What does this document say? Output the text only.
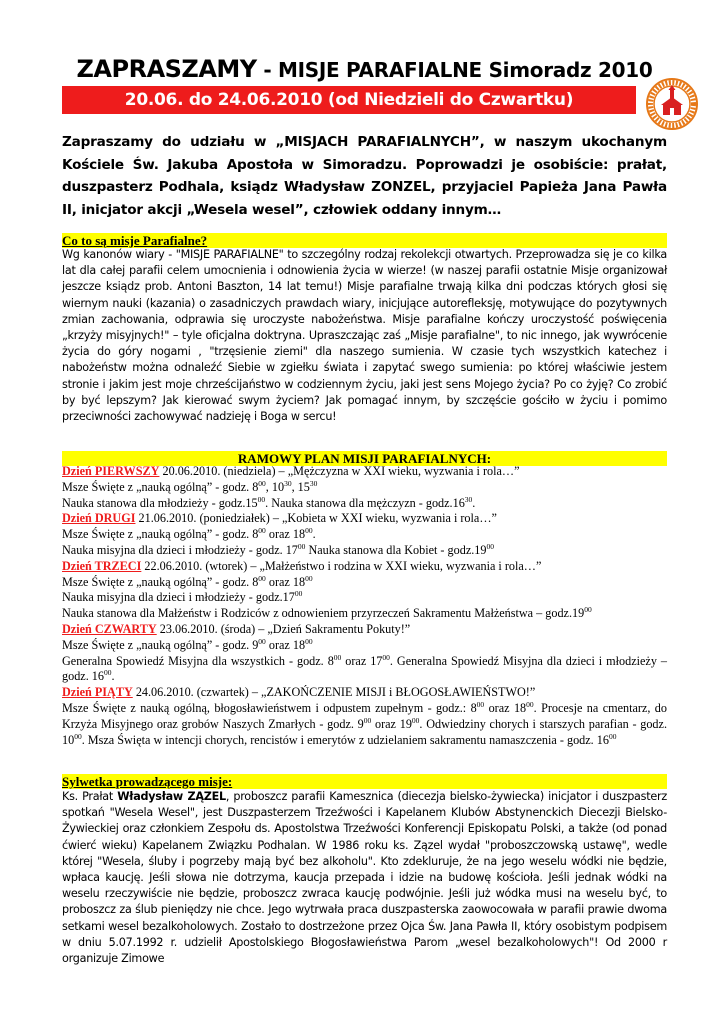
ZAPRASZAMY - MISJE PARAFIALNE Simoradz 2010
20.06. do 24.06.2010 (od Niedzieli do Czwartku)
Zapraszamy do udziału w „MISJACH PARAFIALNYCH”, w naszym ukochanym Kościele Św. Jakuba Apostoła w Simoradzu. Poprowadzi je osobiście: prałat, duszpasterz Podhala, ksiądz Władysław ZONZEL, przyjaciel Papieża Jana Pawła II, inicjator akcji „Wesela wesel”, człowiek oddany innym…
Co to są misje Parafialne?
Wg kanonów wiary - "MISJE PARAFIALNE" to szczególny rodzaj rekolekcji otwartych. Przeprowadza się je co kilka lat dla całej parafii celem umocnienia i odnowienia życia w wierze! (w naszej parafii ostatnie Misje organizował jeszcze ksiądz prob. Antoni Baszton, 14 lat temu!) Misje parafialne trwają kilka dni podczas których głosi się wiernym nauki (kazania) o zasadniczych prawdach wiary, inicjujące autorefleksję, motywujące do pozytywnych zmian zachowania, odprawia się uroczyste nabożeństwa. Misje parafialne kończy uroczystość poświęcenia „krzyży misyjnych!" – tyle oficjalna doktryna. Upraszczając zaś „Misje parafialne", to nic innego, jak wywrócenie życia do góry nogami , "trzęsienie ziemi" dla naszego sumienia. W czasie tych wszystkich katechez i nabożeństw można odnaleźć Siebie w zgiełku świata i zapytać swego sumienia: po której właściwie jestem stronie i jakim jest moje chrześcijaństwo w codziennym życiu, jaki jest sens Mojego życia? Po co żyję? Co zrobić by być lepszym? Jak kierować swym życiem? Jak pomagać innym, by szczęście gościło w życiu i pomimo przeciwności zachowywać nadzieję i Boga w sercu!
RAMOWY PLAN MISJI PARAFIALNYCH:
Dzień PIERWSZY 20.06.2010. (niedziela) – „Mężczyzna w XXI wieku, wyzwania i rola…”
Msze Święte z „nauką ogólną” - godz. $8^{00}$, $10^{30}$, $15^{30}$
Nauka stanowa dla młodzieży - $godz.15^{00}$. Nauka stanowa dla mężczyzn - $godz.16^{30}$.
Dzień DRUGI 21.06.2010. (poniedziałek) – „Kobieta w XXI wieku, wyzwania i rola…”
Msze Święte z „nauką ogólną” - godz. $8^{00}$ oraz $18^{00}$.
Nauka misyjna dla dzieci i młodzieży - godz. $17^{00}$ Nauka stanowa dla Kobiet - $godz.19^{00}$
Dzień TRZECI 22.06.2010. (wtorek) – „Małżeństwo i rodzina w XXI wieku, wyzwania i rola…”
Msze Święte z „nauką ogólną” - godz. $8^{00}$ oraz $18^{00}$
Nauka misyjna dla dzieci i młodzieży - $godz.17^{00}$
Nauka stanowa dla Małżeństw i Rodziców z odnowieniem przyrzeczeń Sakramentu Małżeństwa – $godz.19^{00}$
Dzień CZWARTY 23.06.2010. (środa) – „Dzień Sakramentu Pokuty!”
Msze Święte z „nauką ogólną” - godz. $9^{00}$ oraz $18^{00}$
Generalna Spowiedź Misyjna dla wszystkich - godz. $8^{00}$ oraz $17^{00}$. Generalna Spowiedź Misyjna dla dzieci i młodzieży – godz. $16^{00}$.
Dzień PIĄTY 24.06.2010. (czwartek) – „ZAKOŃCZENIE MISJI i BŁOGOSŁAWIEŃSTWO!”
Msze Święte z nauką ogólną, błogosławieństwem i odpustem zupełnym - godz.: $8^{00}$ oraz $18^{00}$. Procesje na cmentarz, do Krzyża Misyjnego oraz grobów Naszych Zmarłych - godz. $9^{00}$ oraz $19^{00}$. Odwiedziny chorych i starszych parafian - godz. $10^{00}$. Msza Święta w intencji chorych, rencistów i emerytów z udzielaniem sakramentu namaszczenia - godz. $16^{00}$
Sylwetka prowadzącego misje:
Ks. Prałat Władysław ZĄZEL, proboszcz parafii Kamesznica (diecezja bielsko-żywiecka) inicjator i duszpasterz spotkań "Wesela Wesel", jest Duszpasterzem Trzeźwości i Kapelanem Klubów Abstynenckich Diecezji Bielsko-Żywieckiej oraz członkiem Zespołu ds. Apostolstwa Trzeźwości Konferencji Episkopatu Polski, a także (od ponad ćwierć wieku) Kapelanem Związku Podhalan. W 1986 roku ks. Zązel wydał "proboszczowską ustawę", wedle której "Wesela, śluby i pogrzeby mają być bez alkoholu". Kto zdekluruje, że na jego weselu wódki nie będzie, wpłaca kaucję. Jeśli słowa nie dotrzyma, kaucja przepada i idzie na budowę kościoła. Jeśli jednak wódki na weselu rzeczywiście nie będzie, proboszcz zwraca kaucję podwójnie. Jeśli już wódka musi na weselu być, to proboszcz za ślub pieniędzy nie chce. Jego wytrwała praca duszpasterska zaowocowała w parafii prawie dwoma setkami wesel bezalkoholowych. Zostało to dostrzeżone przez Ojca Św. Jana Pawła II, który osobistym podpisem w dniu 5.07.1992 r. udzielił Apostolskiego Błogosławieństwa Parom „wesel bezalkoholowych"! Od 2000 r organizuje Zimowe
